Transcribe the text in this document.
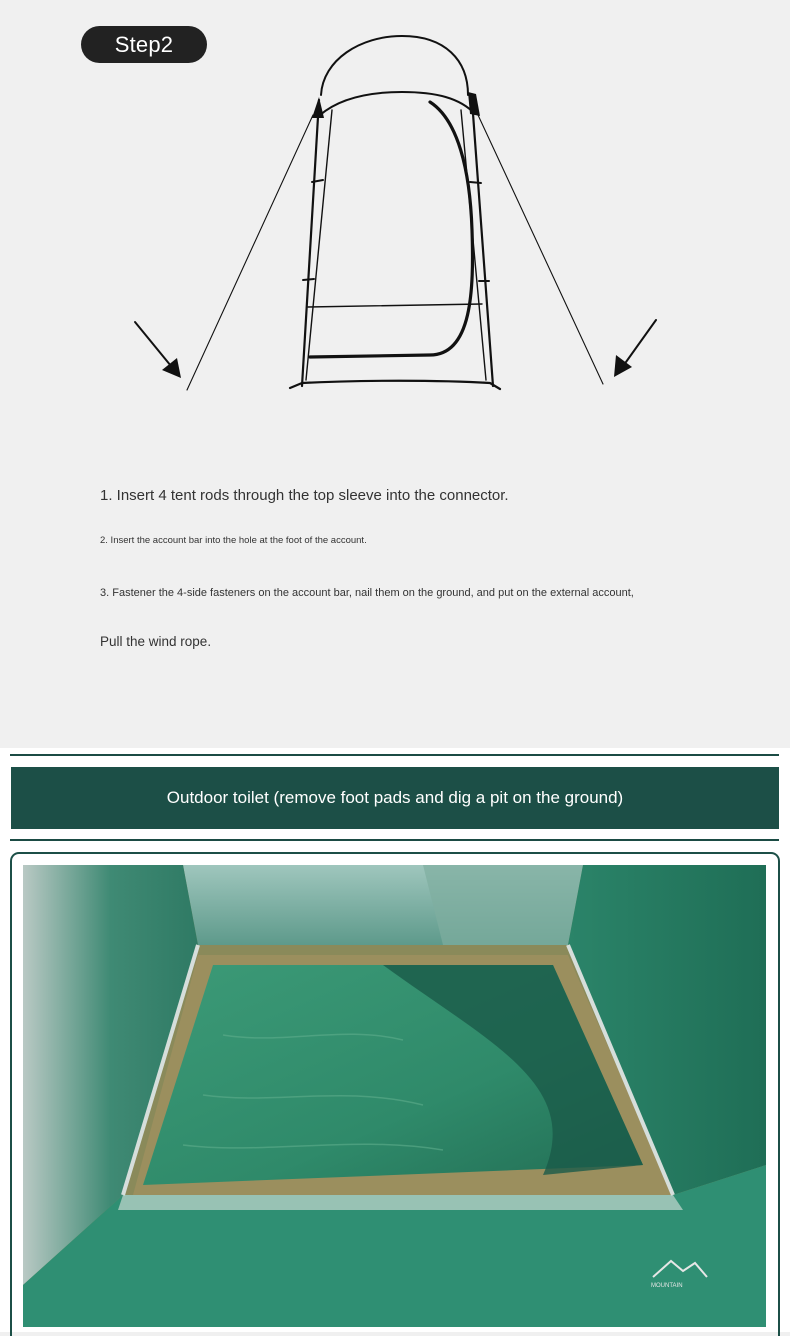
Step2
1. Insert 4 tent rods through the top sleeve into the connector.
2. Insert the account bar into the hole at the foot of the account.
3. Fastener the 4-side fasteners on the account bar, nail them on the ground, and put on the external account,
Pull the wind rope.
Outdoor toilet (remove foot pads and dig a pit on the ground)
MOUNTAIN
